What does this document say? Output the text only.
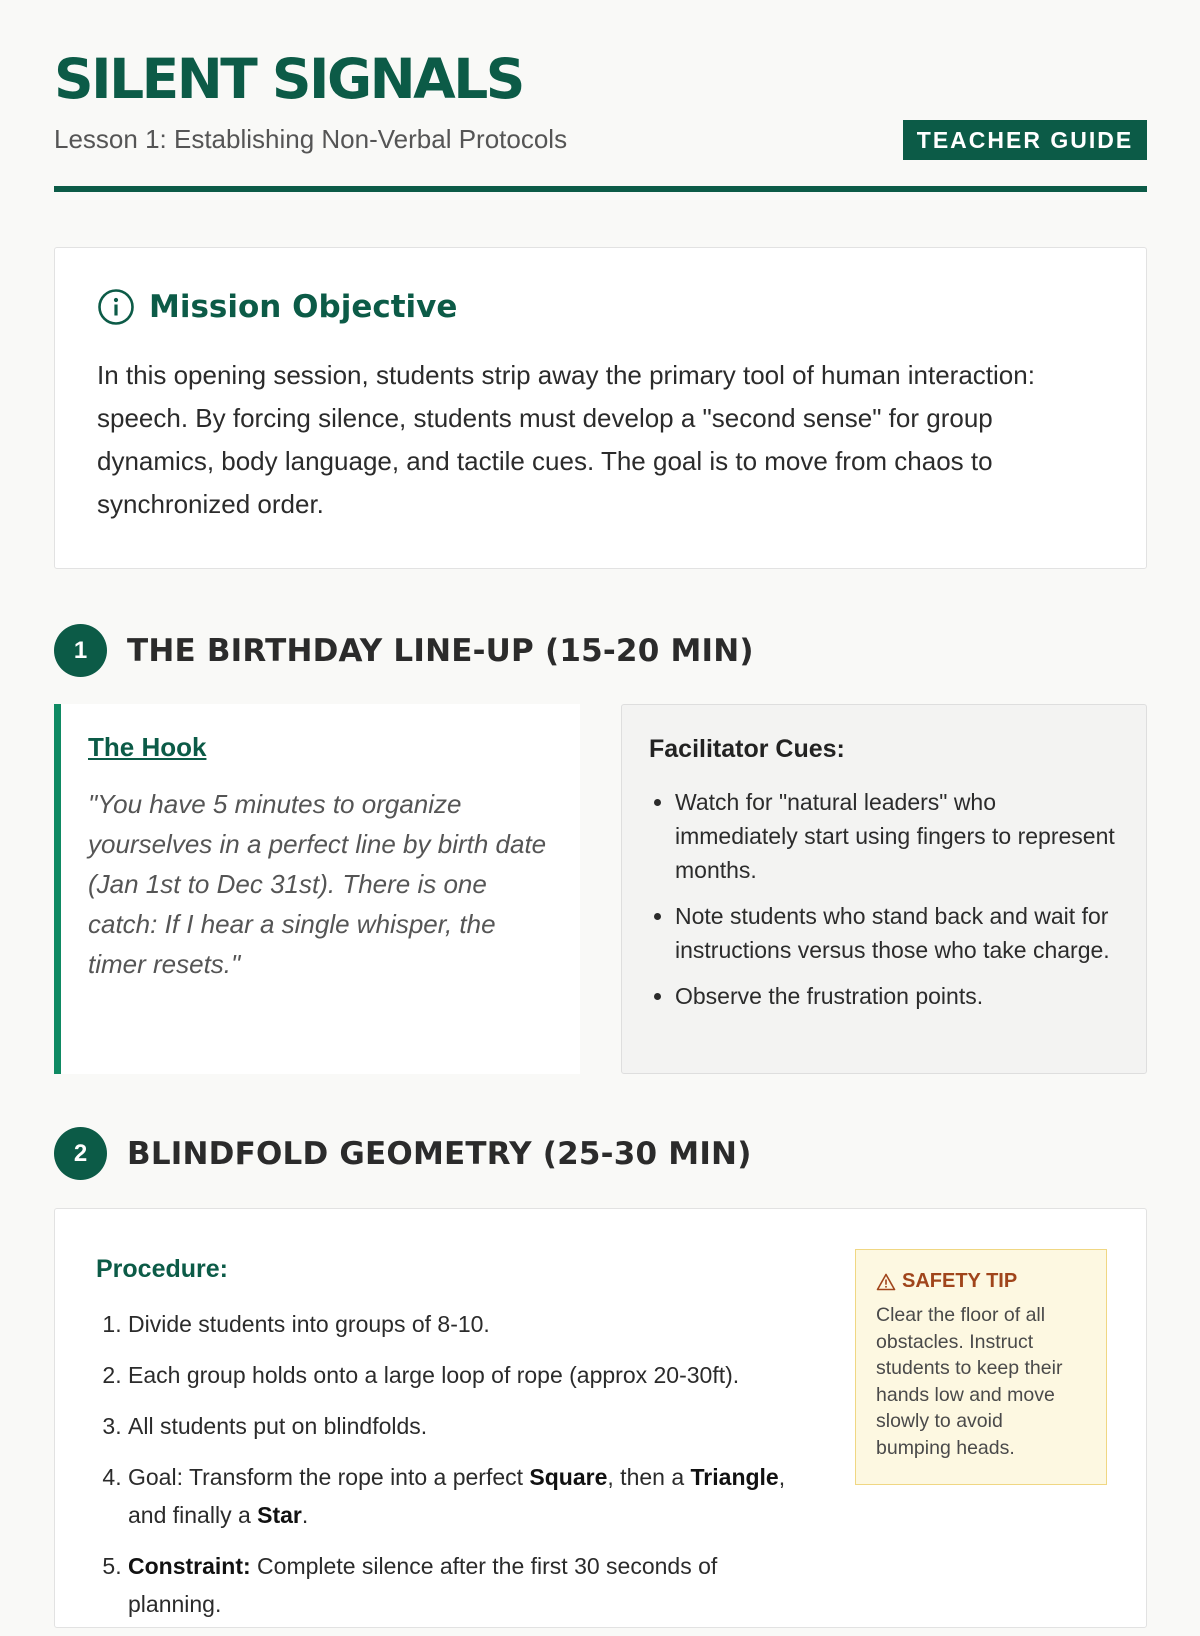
SILENT SIGNALS
Lesson 1: Establishing Non-Verbal Protocols	TEACHER GUIDE
Mission Objective

In this opening session, students strip away the primary tool of human interaction: speech. By forcing silence, students must develop a "second sense" for group dynamics, body language, and tactile cues. The goal is to move from chaos to synchronized order.

1	THE BIRTHDAY LINE-UP (15-20 MIN)
The Hook

"You have 5 minutes to organize yourselves in a perfect line by birth date (Jan 1st to Dec 31st). There is one catch: If I hear a single whisper, the timer resets."

Facilitator Cues:
• Watch for "natural leaders" who immediately start using fingers to represent months.
• Note students who stand back and wait for instructions versus those who take charge.
• Observe the frustration points.
2	BLINDFOLD GEOMETRY (25-30 MIN)
Procedure:
1. Divide students into groups of 8-10.
2. Each group holds onto a large loop of rope (approx 20-30ft).
3. All students put on blindfolds.
4. Goal: Transform the rope into a perfect Square, then a Triangle, and finally a Star.
5. Constraint: Complete silence after the first 30 seconds of planning.
SAFETY TIP

Clear the floor of all obstacles. Instruct students to keep their hands low and move slowly to avoid bumping heads.
